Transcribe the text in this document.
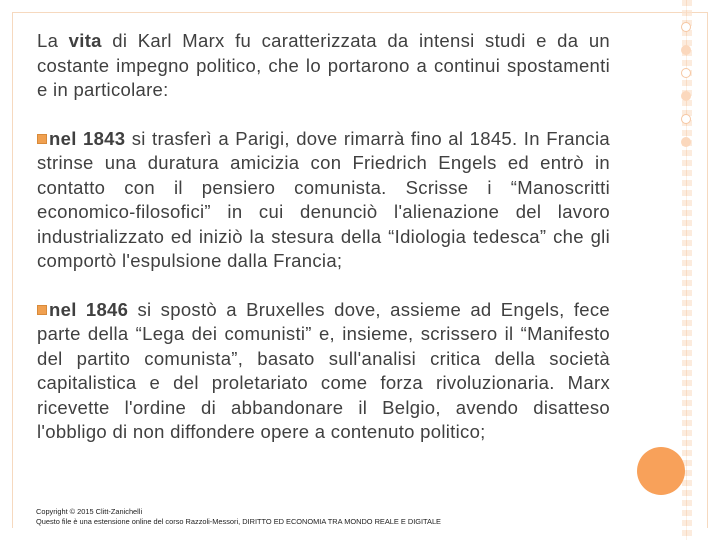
La vita di Karl Marx fu caratterizzata da intensi studi e da un costante impegno politico, che lo portarono a continui spostamenti e in particolare:

nel 1843 si trasferì a Parigi, dove rimarrà fino al 1845. In Francia strinse una duratura amicizia con Friedrich Engels ed entrò in contatto con il pensiero comunista. Scrisse i “Manoscritti economico-filosofici” in cui denunciò l'alienazione del lavoro industrializzato ed iniziò la stesura della “Idiologia tedesca” che gli comportò l'espulsione dalla Francia;

nel 1846 si spostò a Bruxelles dove, assieme ad Engels, fece parte della “Lega dei comunisti” e, insieme, scrissero il “Manifesto del partito comunista”, basato sull'analisi critica della società capitalistica e del proletariato come forza rivoluzionaria. Marx ricevette l'ordine di abbandonare il Belgio, avendo disatteso l'obbligo di non diffondere opere a contenuto politico;

Copyright © 2015 Clitt-Zanichelli
Questo file è una estensione online del corso Razzoli-Messori, DIRITTO ED ECONOMIA TRA MONDO REALE E DIGITALE
